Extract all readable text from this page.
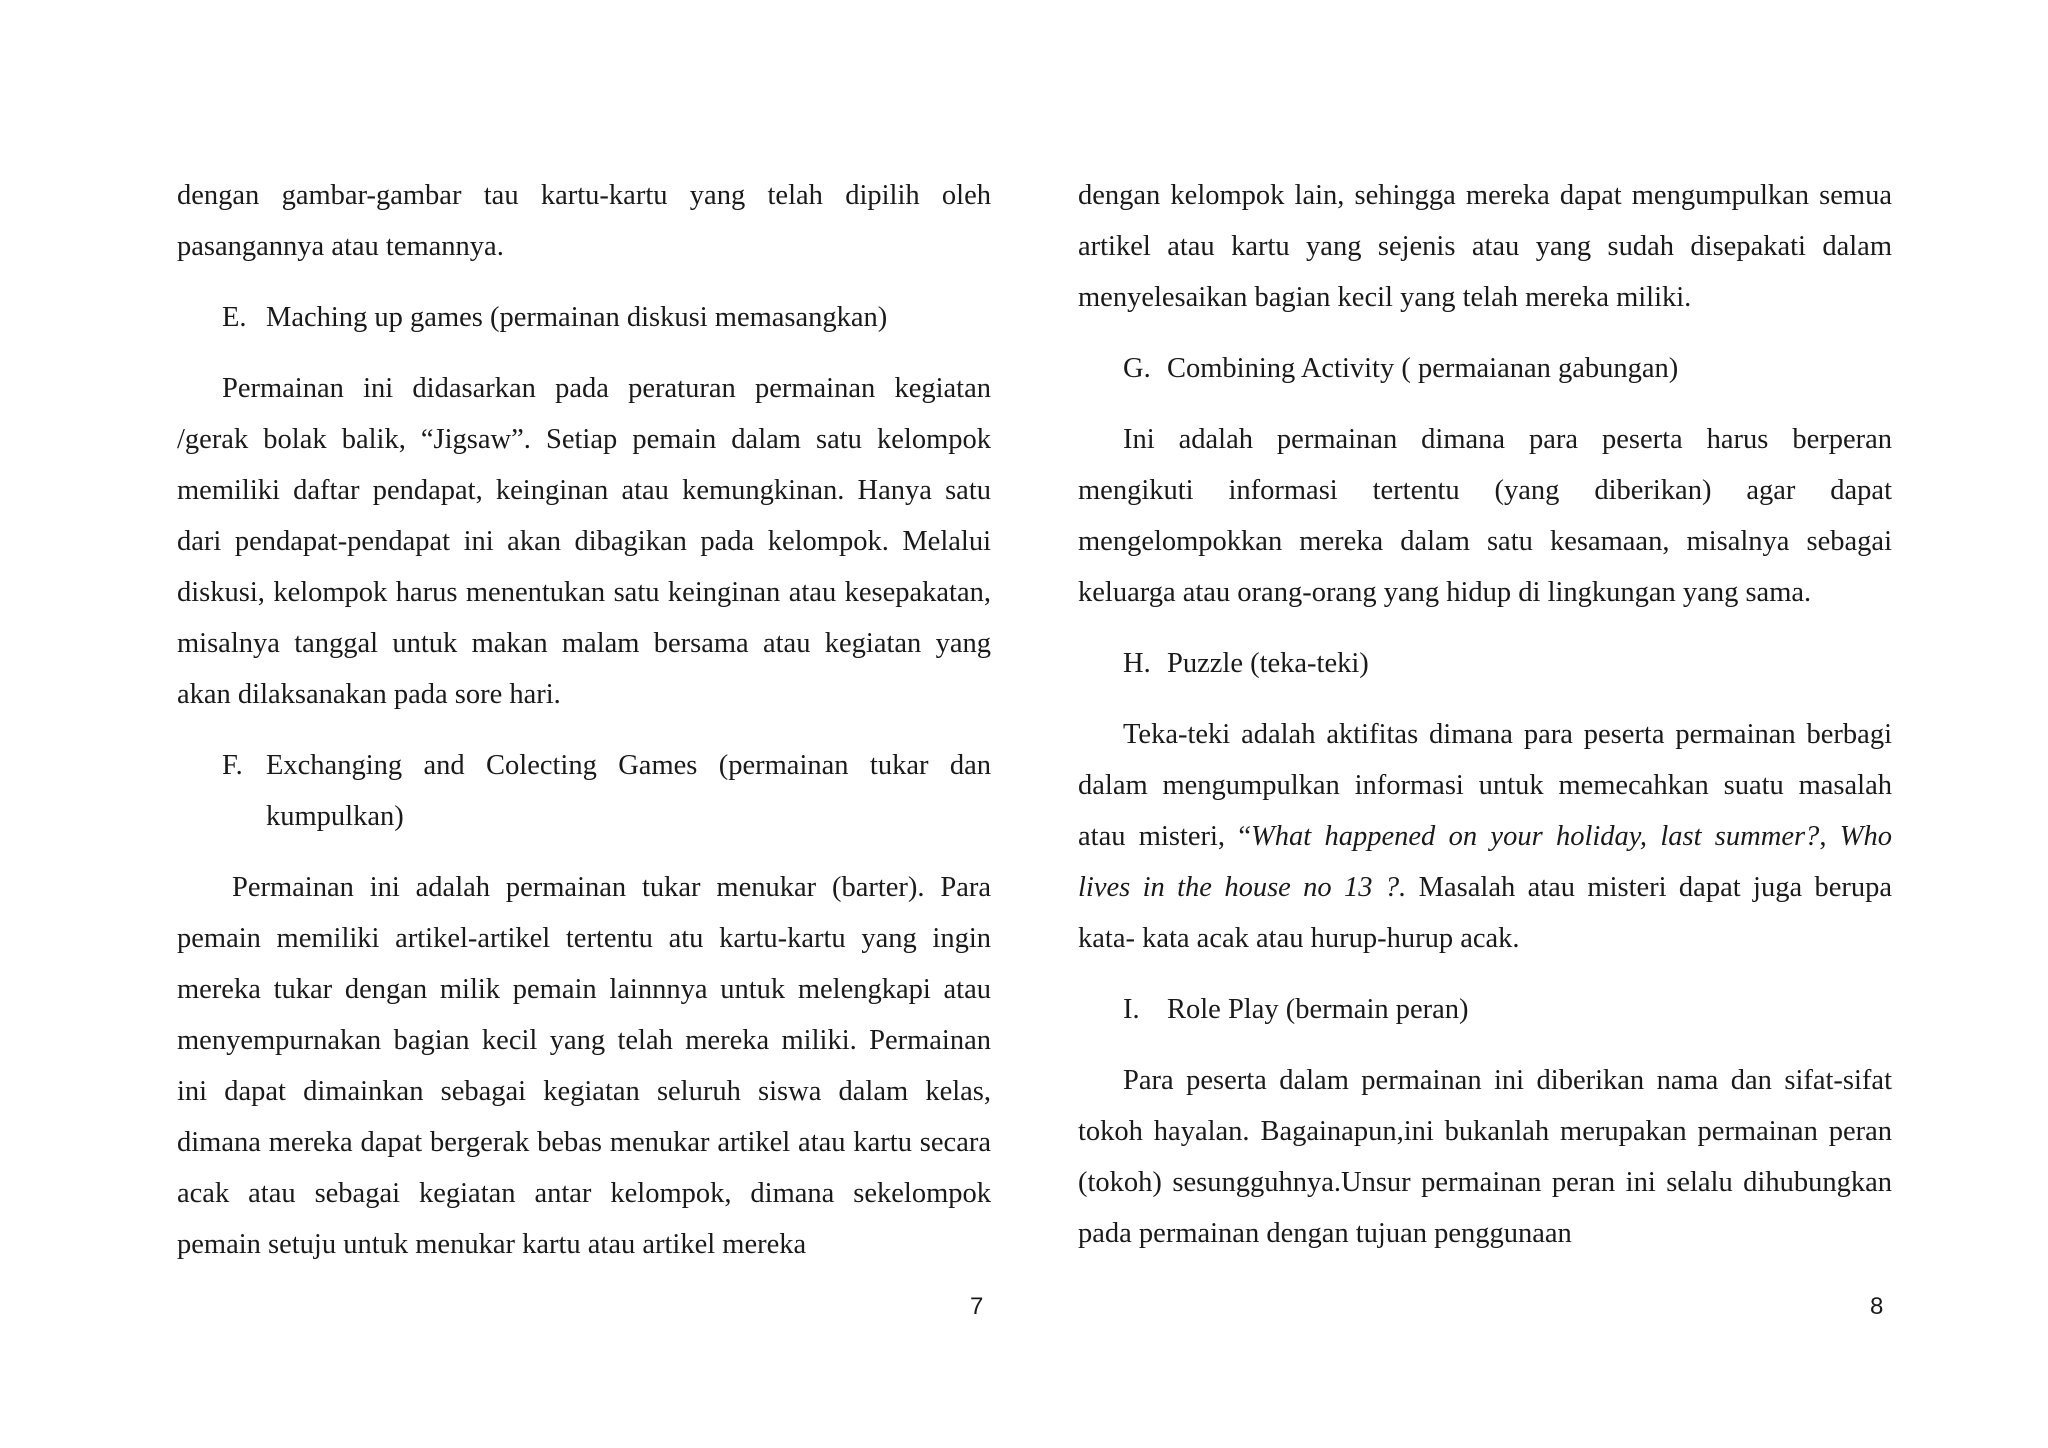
dengan gambar-gambar tau kartu-kartu yang telah dipilih oleh pasangannya atau temannya.

E. Maching up games (permainan diskusi memasangkan)

Permainan ini didasarkan pada peraturan permainan kegiatan /gerak bolak balik, “Jigsaw”. Setiap pemain dalam satu kelompok memiliki daftar pendapat, keinginan atau kemungkinan. Hanya satu dari pendapat-pendapat ini akan dibagikan pada kelompok. Melalui diskusi, kelompok harus menentukan satu keinginan atau kesepakatan, misalnya tanggal untuk makan malam bersama atau kegiatan yang akan dilaksanakan pada sore hari.

F. Exchanging and Colecting Games (permainan tukar dan kumpulkan)

Permainan ini adalah permainan tukar menukar (barter). Para pemain memiliki artikel-artikel tertentu atu kartu-kartu yang ingin mereka tukar dengan milik pemain lainnnya untuk melengkapi atau menyempurnakan bagian kecil yang telah mereka miliki. Permainan ini dapat dimainkan sebagai kegiatan seluruh siswa dalam kelas, dimana mereka dapat bergerak bebas menukar artikel atau kartu secara acak atau sebagai kegiatan antar kelompok, dimana sekelompok pemain setuju untuk menukar kartu atau artikel mereka

7

dengan kelompok lain, sehingga mereka dapat mengumpulkan semua artikel atau kartu yang sejenis atau yang sudah disepakati dalam menyelesaikan bagian kecil yang telah mereka miliki.

G. Combining Activity ( permaianan gabungan)

Ini adalah permainan dimana para peserta harus berperan mengikuti informasi tertentu (yang diberikan) agar dapat mengelompokkan mereka dalam satu kesamaan, misalnya sebagai keluarga atau orang-orang yang hidup di lingkungan yang sama.

H. Puzzle (teka-teki)

Teka-teki adalah aktifitas dimana para peserta permainan berbagi dalam mengumpulkan informasi untuk memecahkan suatu masalah atau misteri, “What happened on your holiday, last summer?, Who lives in the house no 13 ?. Masalah atau misteri dapat juga berupa kata- kata acak atau hurup-hurup acak.

I. Role Play (bermain peran)

Para peserta dalam permainan ini diberikan nama dan sifat-sifat tokoh hayalan. Bagainapun,ini bukanlah merupakan permainan peran (tokoh) sesungguhnya.Unsur permainan peran ini selalu dihubungkan pada permainan dengan tujuan penggunaan

8
